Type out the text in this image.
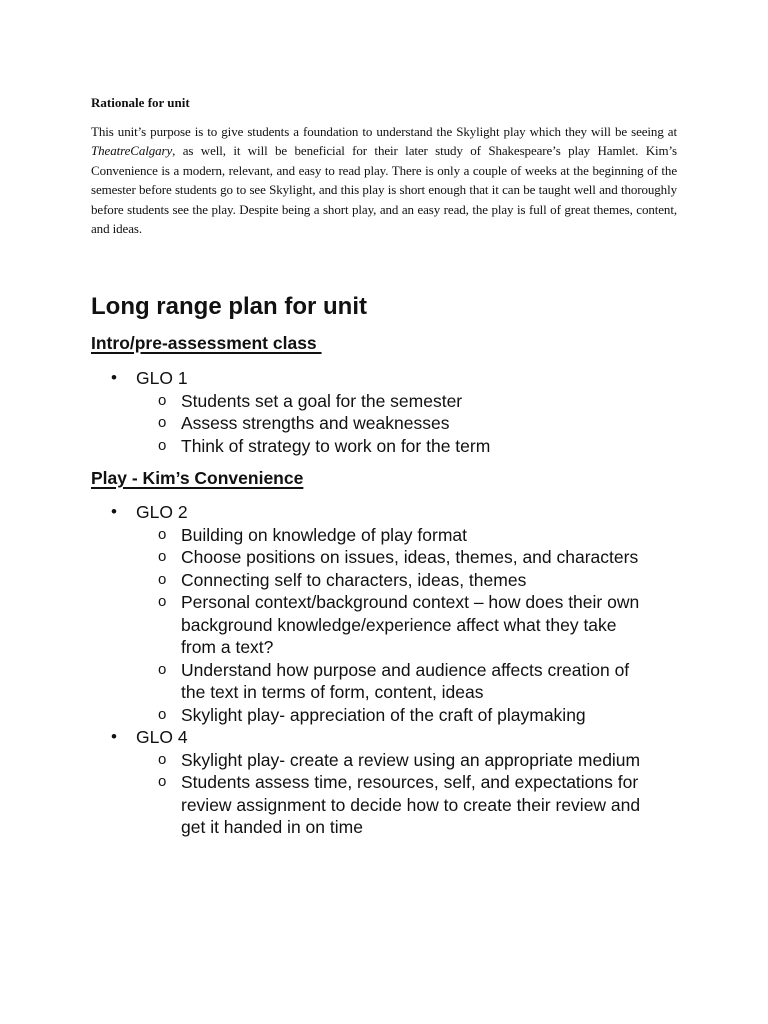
Rationale for unit

This unit’s purpose is to give students a foundation to understand the Skylight play which they will be seeing at TheatreCalgary, as well, it will be beneficial for their later study of Shakespeare’s play Hamlet. Kim’s Convenience is a modern, relevant, and easy to read play. There is only a couple of weeks at the beginning of the semester before students go to see Skylight, and this play is short enough that it can be taught well and thoroughly before students see the play. Despite being a short play, and an easy read, the play is full of great themes, content, and ideas.

Long range plan for unit
Intro/pre-assessment class
• GLO 1
o Students set a goal for the semester
o Assess strengths and weaknesses
o Think of strategy to work on for the term
Play - Kim’s Convenience
• GLO 2
o Building on knowledge of play format
o Choose positions on issues, ideas, themes, and characters
o Connecting self to characters, ideas, themes
o Personal context/background context – how does their own background knowledge/experience affect what they take from a text?
o Understand how purpose and audience affects creation of the text in terms of form, content, ideas
o Skylight play- appreciation of the craft of playmaking
• GLO 4
o Skylight play- create a review using an appropriate medium
o Students assess time, resources, self, and expectations for review assignment to decide how to create their review and get it handed in on time
